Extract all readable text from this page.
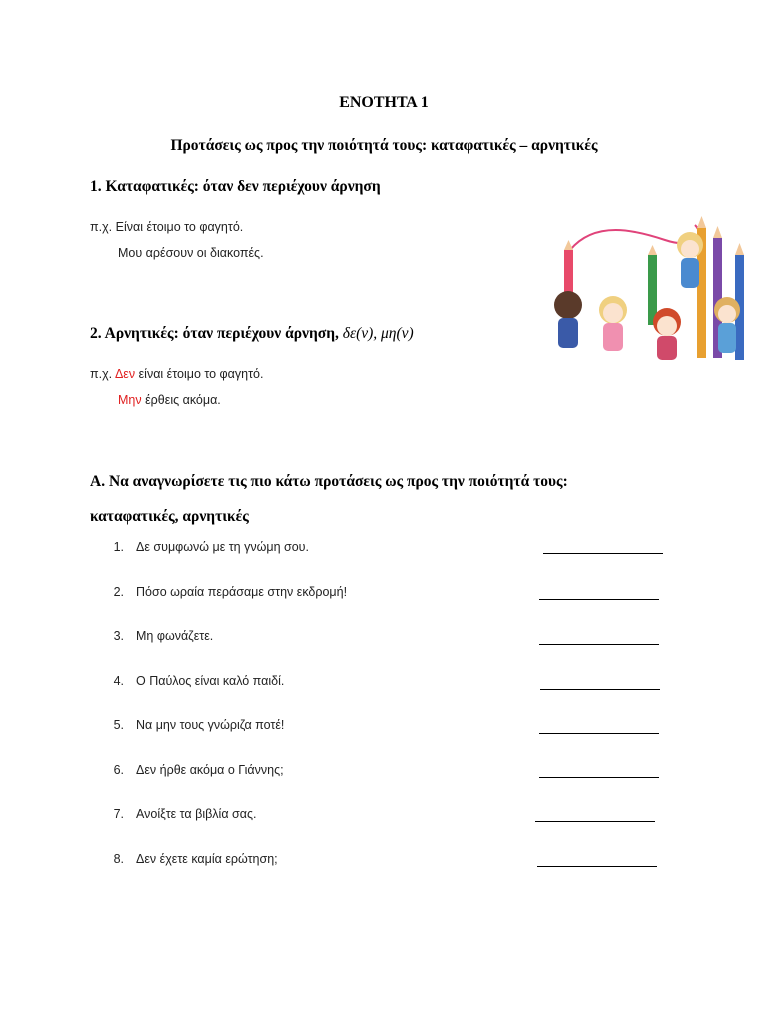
ΕΝΟΤΗΤΑ 1
Προτάσεις ως προς την ποιότητά τους: καταφατικές – αρνητικές
1. Καταφατικές: όταν δεν περιέχουν άρνηση
π.χ. Είναι έτοιμο το φαγητό.
Μου αρέσουν οι διακοπές.
2. Αρνητικές: όταν περιέχουν άρνηση, δε(ν), μη(ν)
π.χ. Δεν είναι έτοιμο το φαγητό.
Μην έρθεις ακόμα.
Α. Να αναγνωρίσετε τις πιο κάτω προτάσεις ως προς την ποιότητά τους:
καταφατικές, αρνητικές
1. Δε συμφωνώ με τη γνώμη σου.
2. Πόσο ωραία περάσαμε στην εκδρομή!
3. Μη φωνάζετε.
4. Ο Παύλος είναι καλό παιδί.
5. Να μην τους γνώριζα ποτέ!
6. Δεν ήρθε ακόμα ο Γιάννης;
7. Ανοίξτε τα βιβλία σας.
8. Δεν έχετε καμία ερώτηση;
